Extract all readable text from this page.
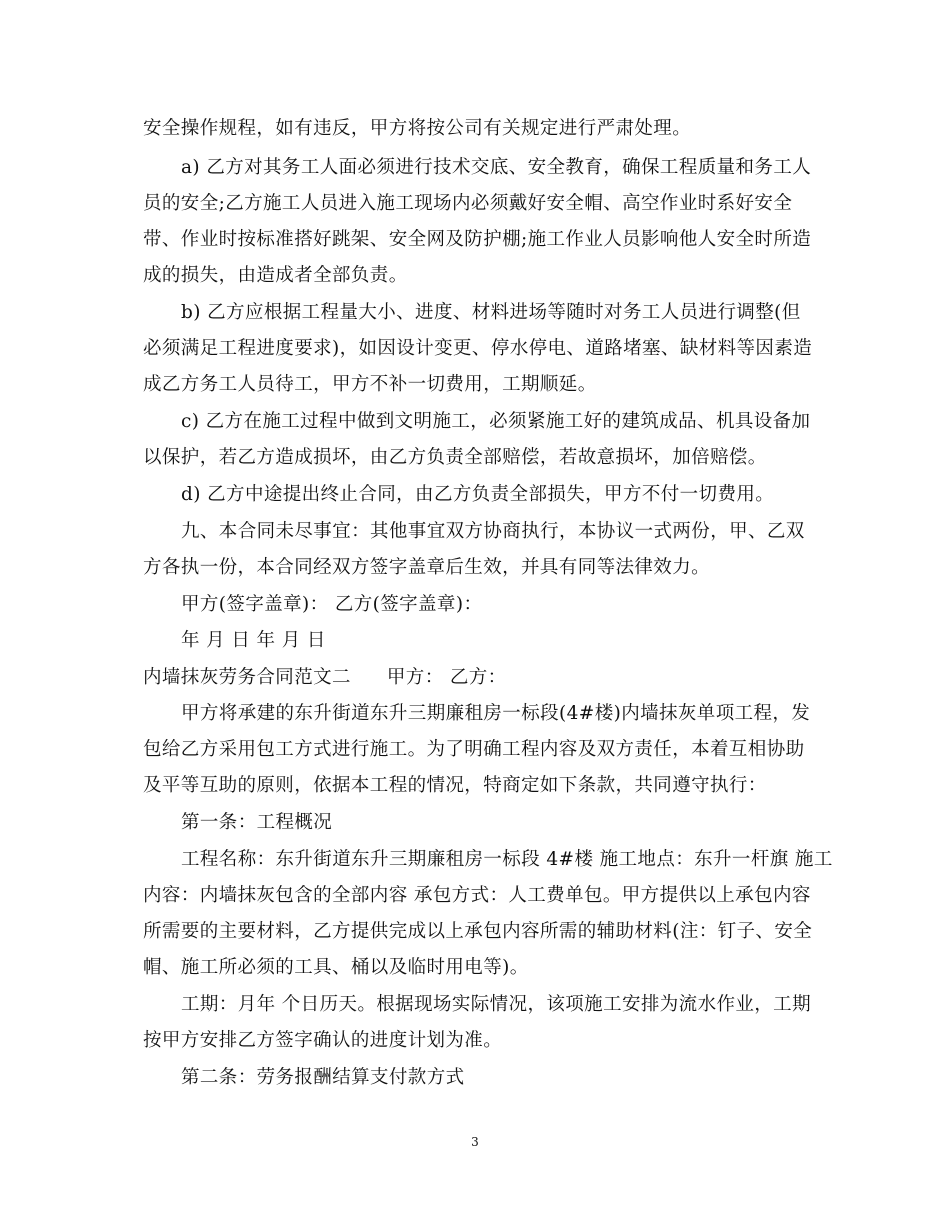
安全操作规程，如有违反，甲方将按公司有关规定进行严肃处理。
a) 乙方对其务工人面必须进行技术交底、安全教育，确保工程质量和务工人
员的安全;乙方施工人员进入施工现场内必须戴好安全帽、高空作业时系好安全
带、作业时按标准搭好跳架、安全网及防护棚;施工作业人员影响他人安全时所造
成的损失，由造成者全部负责。
b) 乙方应根据工程量大小、进度、材料进场等随时对务工人员进行调整(但
必须满足工程进度要求)，如因设计变更、停水停电、道路堵塞、缺材料等因素造
成乙方务工人员待工，甲方不补一切费用，工期顺延。
c) 乙方在施工过程中做到文明施工，必须紧施工好的建筑成品、机具设备加
以保护，若乙方造成损坏，由乙方负责全部赔偿，若故意损坏，加倍赔偿。
d) 乙方中途提出终止合同，由乙方负责全部损失，甲方不付一切费用。
九、本合同未尽事宜：其他事宜双方协商执行，本协议一式两份，甲、乙双
方各执一份，本合同经双方签字盖章后生效，并具有同等法律效力。
甲方(签字盖章)： 乙方(签字盖章)：
年 月 日 年 月 日
内墙抹灰劳务合同范文二 甲方： 乙方：
甲方将承建的东升街道东升三期廉租房一标段(4#楼)内墙抹灰单项工程，发
包给乙方采用包工方式进行施工。为了明确工程内容及双方责任，本着互相协助
及平等互助的原则，依据本工程的情况，特商定如下条款，共同遵守执行：
第一条：工程概况
工程名称：东升街道东升三期廉租房一标段 4#楼 施工地点：东升一杆旗 施工
内容：内墙抹灰包含的全部内容 承包方式：人工费单包。甲方提供以上承包内容
所需要的主要材料，乙方提供完成以上承包内容所需的辅助材料(注：钉子、安全
帽、施工所必须的工具、桶以及临时用电等)。
工期：月年 个日历天。根据现场实际情况，该项施工安排为流水作业，工期
按甲方安排乙方签字确认的进度计划为准。
第二条：劳务报酬结算支付款方式
3
